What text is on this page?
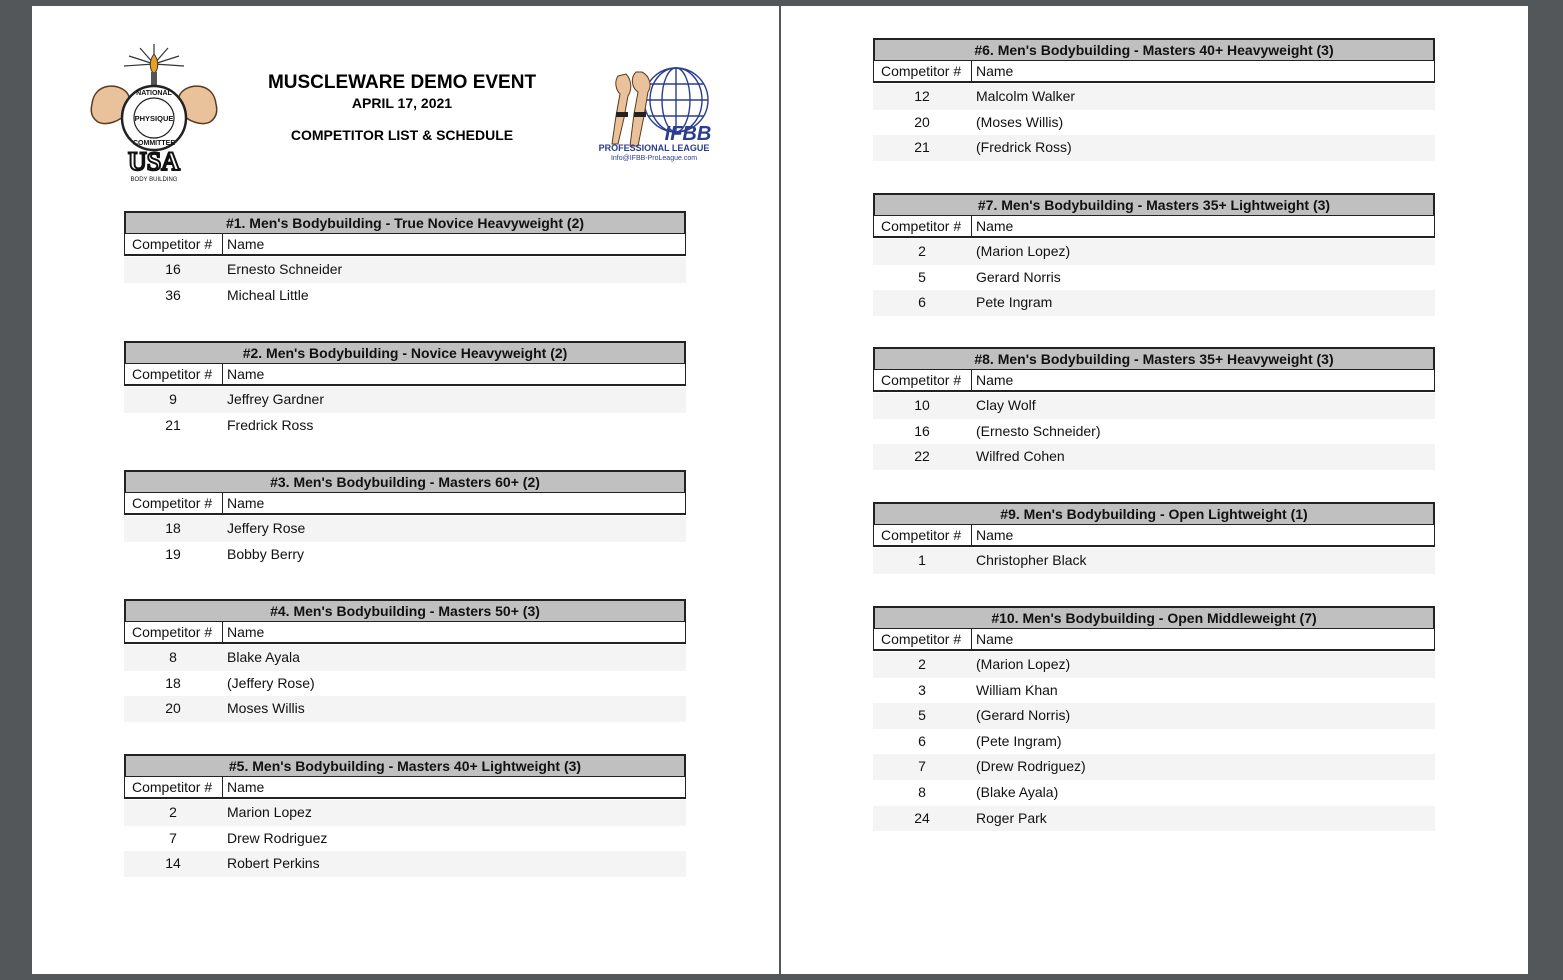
NATIONAL
PHYSIQUE
COMMITTEE
USA
BODY BUILDING
MUSCLEWARE DEMO EVENT
APRIL 17, 2021
COMPETITOR LIST & SCHEDULE	IFBB
PROFESSIONAL LEAGUE
Info@IFBB-ProLeague.com
#1. Men's Bodybuilding - True Novice Heavyweight (2)
Competitor #	Name
16	Ernesto Schneider
36	Micheal Little
#2. Men's Bodybuilding - Novice Heavyweight (2)
Competitor #	Name
9	Jeffrey Gardner
21	Fredrick Ross
#3. Men's Bodybuilding - Masters 60+ (2)
Competitor #	Name
18	Jeffery Rose
19	Bobby Berry
#4. Men's Bodybuilding - Masters 50+ (3)
Competitor #	Name
8	Blake Ayala
18	(Jeffery Rose)
20	Moses Willis
#5. Men's Bodybuilding - Masters 40+ Lightweight (3)
Competitor #	Name
2	Marion Lopez
7	Drew Rodriguez
14	Robert Perkins
#6. Men's Bodybuilding - Masters 40+ Heavyweight (3)
Competitor #	Name
12	Malcolm Walker
20	(Moses Willis)
21	(Fredrick Ross)
#7. Men's Bodybuilding - Masters 35+ Lightweight (3)
Competitor #	Name
2	(Marion Lopez)
5	Gerard Norris
6	Pete Ingram
#8. Men's Bodybuilding - Masters 35+ Heavyweight (3)
Competitor #	Name
10	Clay Wolf
16	(Ernesto Schneider)
22	Wilfred Cohen
#9. Men's Bodybuilding - Open Lightweight (1)
Competitor #	Name
1	Christopher Black
#10. Men's Bodybuilding - Open Middleweight (7)
Competitor #	Name
2	(Marion Lopez)
3	William Khan
5	(Gerard Norris)
6	(Pete Ingram)
7	(Drew Rodriguez)
8	(Blake Ayala)
24	Roger Park
